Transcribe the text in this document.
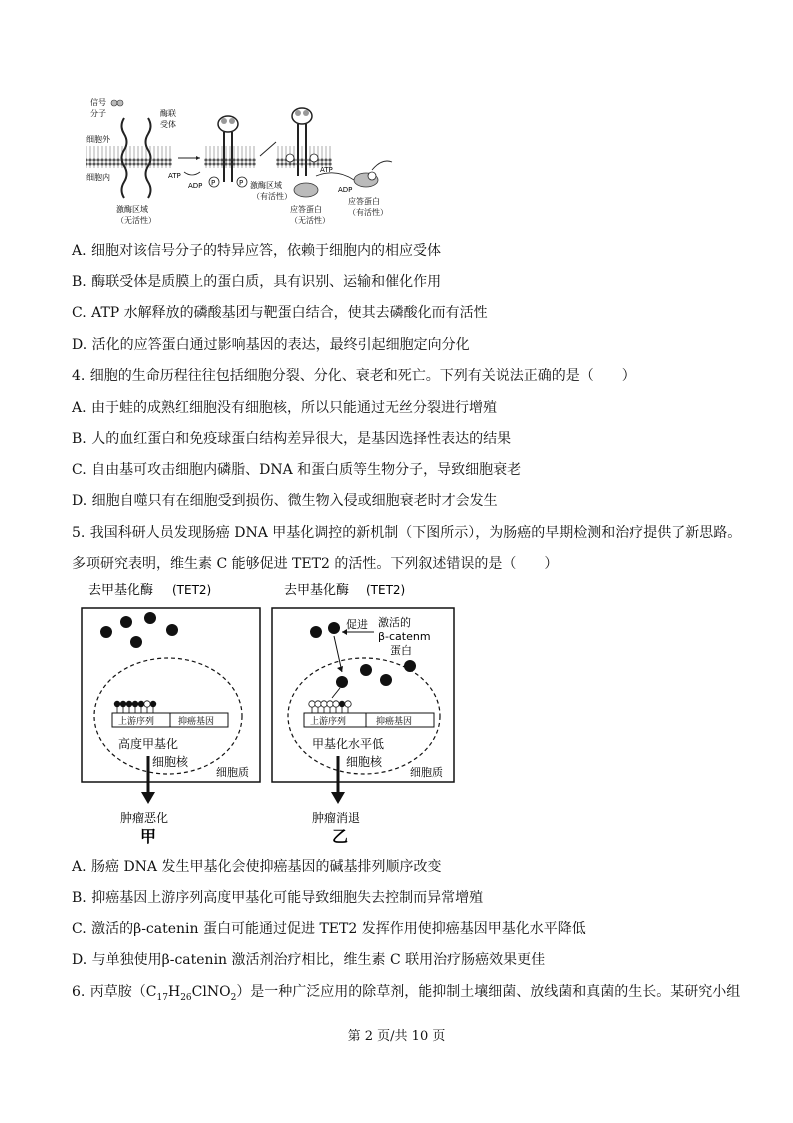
信号
分子	酶联
受体
细胞外
细胞内
激酶区域
（无活性）
ATP
ADP P	P 激酶区域
（有活性）
ATP
ADP
应答蛋白
（无活性）
应答蛋白
（有活性）
A. 细胞对该信号分子的特异应答，依赖于细胞内的相应受体
B. 酶联受体是质膜上的蛋白质，具有识别、运输和催化作用
C. ATP 水解释放的磷酸基团与靶蛋白结合，使其去磷酸化而有活性
D. 活化的应答蛋白通过影响基因的表达，最终引起细胞定向分化
4. 细胞的生命历程往往包括细胞分裂、分化、衰老和死亡。下列有关说法正确的是（　　）
A. 由于蛙的成熟红细胞没有细胞核，所以只能通过无丝分裂进行增殖
B. 人的血红蛋白和免疫球蛋白结构差异很大，是基因选择性表达的结果
C. 自由基可攻击细胞内磷脂、DNA 和蛋白质等生物分子，导致细胞衰老
D. 细胞自噬只有在细胞受到损伤、微生物入侵或细胞衰老时才会发生
5. 我国科研人员发现肠癌 DNA 甲基化调控的新机制（下图所示），为肠癌的早期检测和治疗提供了新思路。
多项研究表明，维生素 C 能够促进 TET2 的活性。下列叙述错误的是（　　）
去甲基化酶 (TET2)
上游序列	抑癌基因
高度甲基化
细胞核
细胞质
肿瘤恶化
甲
去甲基化酶 (TET2)
促进 激活的
β-catenm
蛋白
上游序列	抑癌基因
甲基化水平低
细胞核
细胞质
肿瘤消退
乙
A. 肠癌 DNA 发生甲基化会使抑癌基因的碱基排列顺序改变
B. 抑癌基因上游序列高度甲基化可能导致细胞失去控制而异常增殖
C. 激活的β-catenin 蛋白可能通过促进 TET2 发挥作用使抑癌基因甲基化水平降低
D. 与单独使用β-catenin 激活剂治疗相比，维生素 C 联用治疗肠癌效果更佳
6. 丙草胺$(C_{17}H_{26}ClNO_2)$是一种广泛应用的除草剂，能抑制土壤细菌、放线菌和真菌的生长。某研究小组
第 2 页/共 10 页
